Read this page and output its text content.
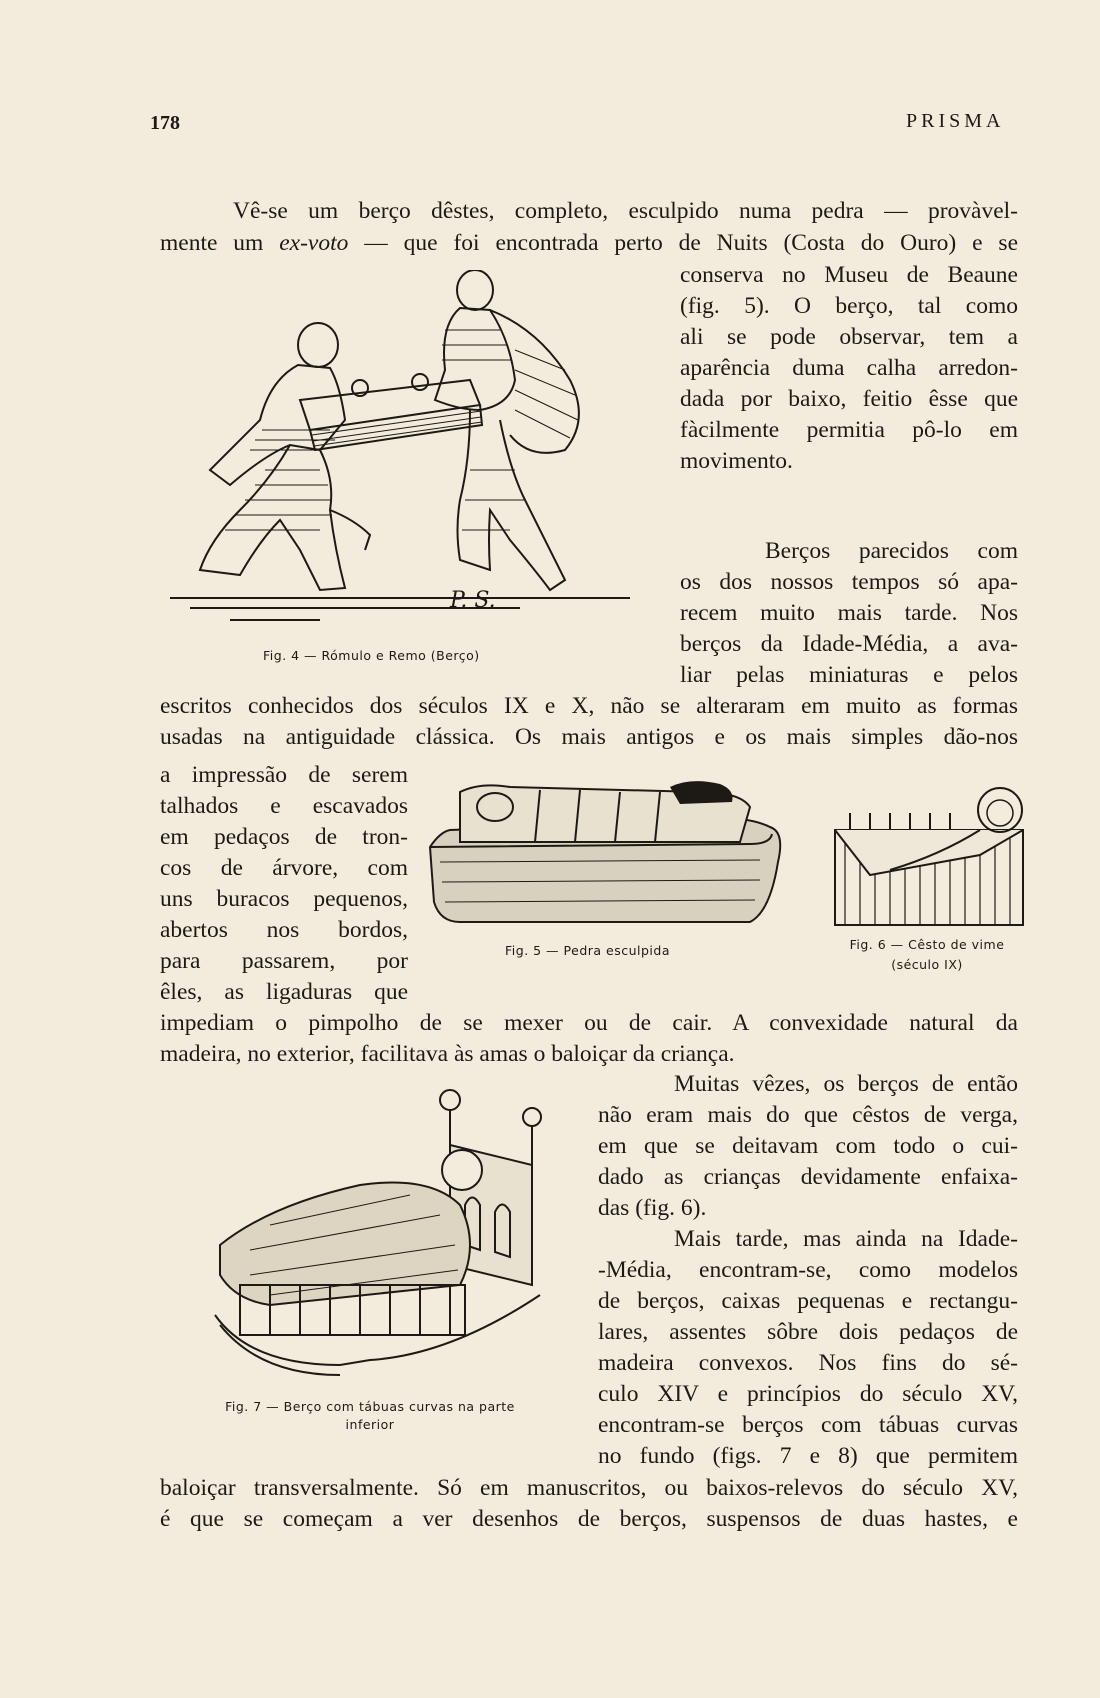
178	PRISMA
Vê-se um berço dêstes, completo, esculpido numa pedra — provàvel-
mente um ex-voto — que foi encontrada perto de Nuits (Costa do Ouro) e se
conserva no Museu de Beaune
(fig. 5). O berço, tal como
ali se pode observar, tem a
aparência duma calha arredon-
dada por baixo, feitio êsse que
fàcilmente permitia pô-lo em
movimento.
Berços parecidos com
os dos nossos tempos só apa-
recem muito mais tarde. Nos
berços da Idade-Média, a ava-
liar pelas miniaturas e pelos
escritos conhecidos dos séculos IX e X, não se alteraram em muito as formas
usadas na antiguidade clássica. Os mais antigos e os mais simples dão-nos
a impressão de serem
talhados e escavados
em pedaços de tron-
cos de árvore, com
uns buracos pequenos,
abertos nos bordos,
para passarem, por
êles, as ligaduras que
impediam o pimpolho de se mexer ou de cair. A convexidade natural da
madeira, no exterior, facilitava às amas o baloiçar da criança.
Muitas vêzes, os berços de então
não eram mais do que cêstos de verga,
em que se deitavam com todo o cui-
dado as crianças devidamente enfaixa-
das (fig. 6).
Mais tarde, mas ainda na Idade-
-Média, encontram-se, como modelos
de berços, caixas pequenas e rectangu-
lares, assentes sôbre dois pedaços de
madeira convexos. Nos fins do sé-
culo XIV e princípios do século XV,
encontram-se berços com tábuas curvas
no fundo (figs. 7 e 8) que permitem
baloiçar transversalmente. Só em manuscritos, ou baixos-relevos do século XV,
é que se começam a ver desenhos de berços, suspensos de duas hastes, e
P. S.
Fig. 4 — Rómulo e Remo (Berço)
Fig. 5 — Pedra esculpida	Fig. 6 — Cêsto de vime
(século IX)
Fig. 7 — Berço com tábuas curvas na parte
inferior
